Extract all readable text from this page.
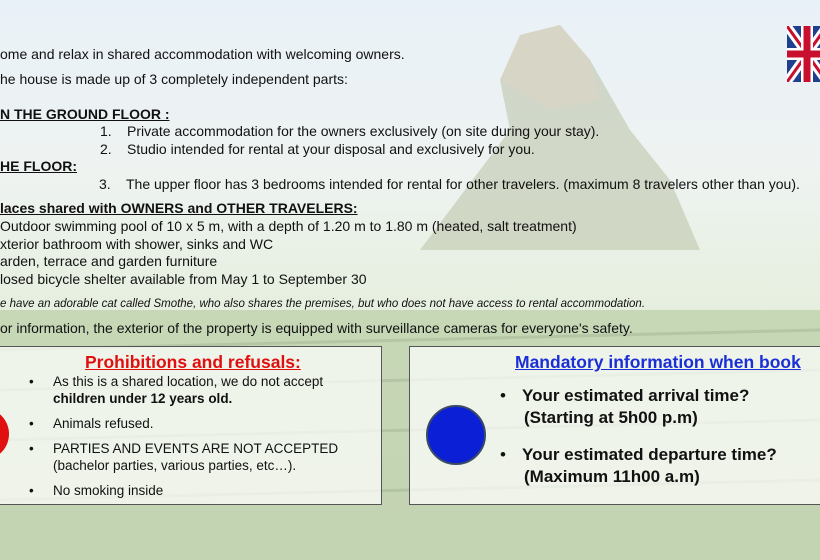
ome and relax in shared accommodation with welcoming owners.
he house is made up of 3 completely independent parts:
N THE GROUND FLOOR :
1. Private accommodation for the owners exclusively (on site during your stay).
2. Studio intended for rental at your disposal and exclusively for you.
HE FLOOR:
3. The upper floor has 3 bedrooms intended for rental for other travelers. (maximum 8 travelers other than you).
laces shared with OWNERS and OTHER TRAVELERS:
Outdoor swimming pool of 10 x 5 m, with a depth of 1.20 m to 1.80 m (heated, salt treatment)
xterior bathroom with shower, sinks and WC
arden, terrace and garden furniture
losed bicycle shelter available from May 1 to September 30
e have an adorable cat called Smothe, who also shares the premises, but who does not have access to rental accommodation.
or information, the exterior of the property is equipped with surveillance cameras for everyone's safety.
Prohibitions and refusals:
• As this is a shared location, we do not accept
children under 12 years old.
• Animals refused.
• PARTIES AND EVENTS ARE NOT ACCEPTED
(bachelor parties, various parties, etc…).
• No smoking inside
Mandatory information when book
• Your estimated arrival time?
(Starting at 5h00 p.m)
• Your estimated departure time?
(Maximum 11h00 a.m)
